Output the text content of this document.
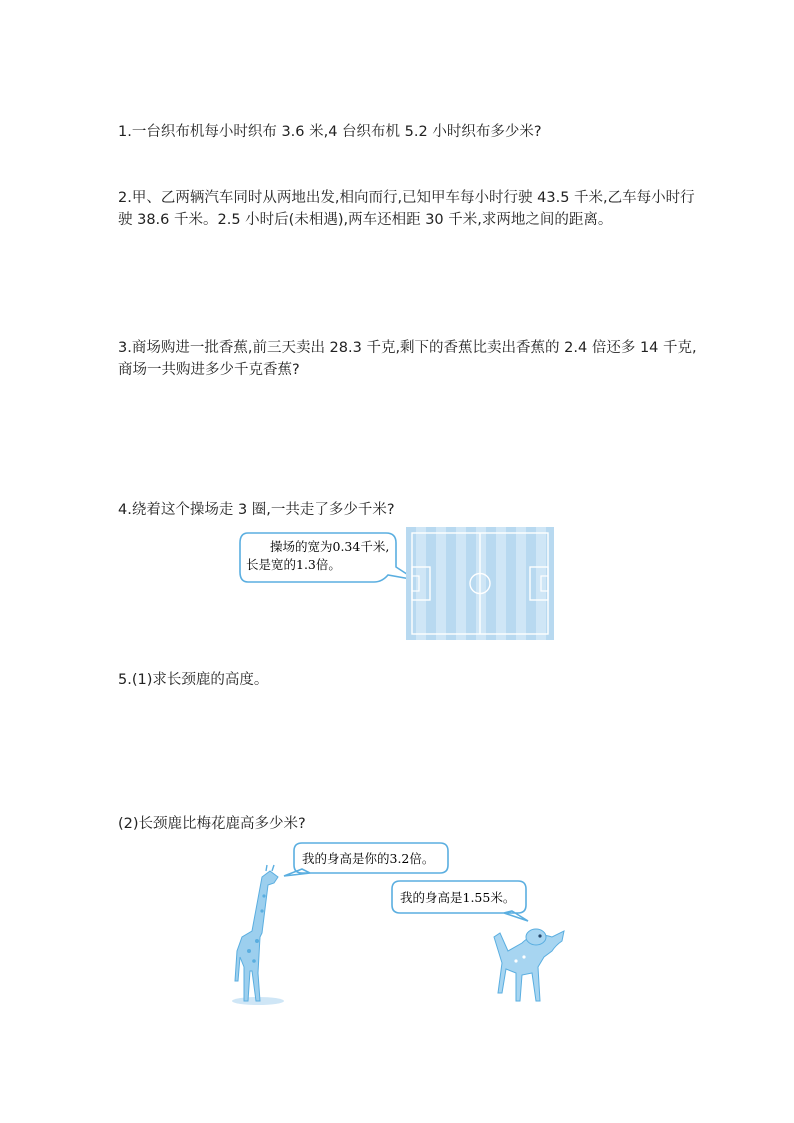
1.一台织布机每小时织布 3.6 米,4 台织布机 5.2 小时织布多少米?

2.甲、乙两辆汽车同时从两地出发,相向而行,已知甲车每小时行驶 43.5 千米,乙车每小时行驶 38.6 千米。2.5 小时后(未相遇),两车还相距 30 千米,求两地之间的距离。

3.商场购进一批香蕉,前三天卖出 28.3 千克,剩下的香蕉比卖出香蕉的 2.4 倍还多 14 千克,商场一共购进多少千克香蕉?

4.绕着这个操场走 3 圈,一共走了多少千米?

5.(1)求长颈鹿的高度。

(2)长颈鹿比梅花鹿高多少米?

操场的宽为0.34千米,
长是宽的1.3倍。
我的身高是你的3.2倍。
我的身高是1.55米。
